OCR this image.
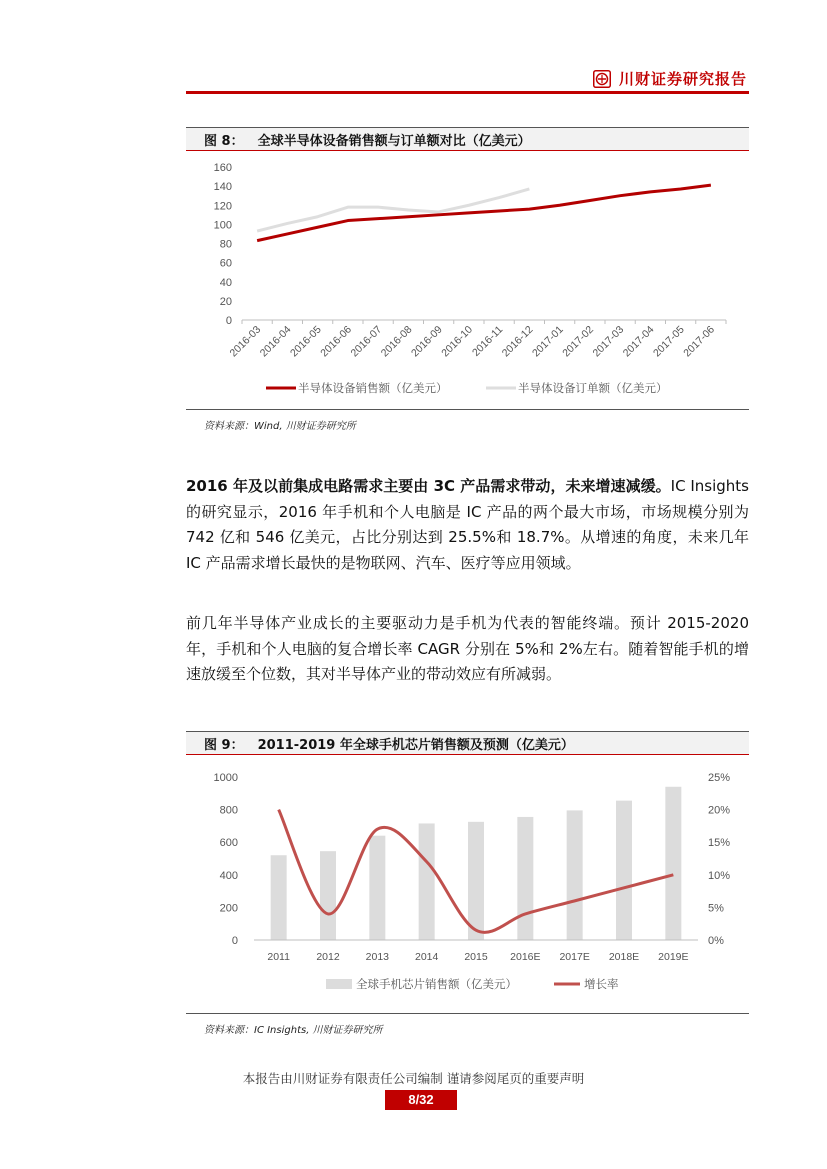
川财证券研究报告
图 8： 全球半导体设备销售额与订单额对比（亿美元）
0
20
40
60
80
100
120
140
160
2016-03
2016-04
2016-05
2016-06
2016-07
2016-08
2016-09
2016-10
2016-11
2016-12
2017-01
2017-02
2017-03
2017-04
2017-05
2017-06
半导体设备销售额（亿美元）	半导体设备订单额（亿美元）
资料来源：Wind, 川财证券研究所

2016 年及以前集成电路需求主要由 3C 产品需求带动，未来增速减缓。IC Insights 的研究显示，2016 年手机和个人电脑是 IC 产品的两个最大市场，市场规模分别为 742 亿和 546 亿美元，占比分别达到 25.5%和 18.7%。从增速的角度，未来几年 IC 产品需求增长最快的是物联网、汽车、医疗等应用领域。

前几年半导体产业成长的主要驱动力是手机为代表的智能终端。预计 2015-2020 年，手机和个人电脑的复合增长率 CAGR 分别在 5%和 2%左右。随着智能手机的增速放缓至个位数，其对半导体产业的带动效应有所减弱。

图 9： 2011-2019 年全球手机芯片销售额及预测（亿美元）
0
200
400
600
800
1000
0%
5%
10%
15%
20%
25%
2011	2012 2013 2014 2015 2016E 2017E 2018E 2019E
全球手机芯片销售额（亿美元）	增长率
资料来源：IC Insights, 川财证券研究所
本报告由川财证券有限责任公司编制 谨请参阅尾页的重要声明
8/32
